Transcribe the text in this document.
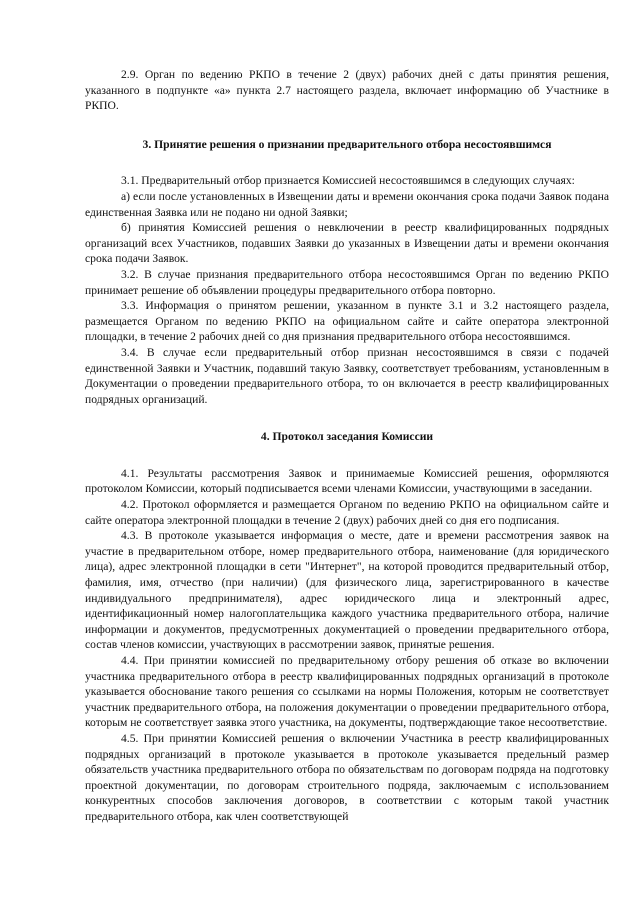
2.9. Орган по ведению РКПО в течение 2 (двух) рабочих дней с даты принятия решения, указанного в подпункте «а» пункта 2.7 настоящего раздела, включает информацию об Участнике в РКПО.

3. Принятие решения о признании предварительного отбора несостоявшимся

3.1. Предварительный отбор признается Комиссией несостоявшимся в следующих случаях:

а) если после установленных в Извещении даты и времени окончания срока подачи Заявок подана единственная Заявка или не подано ни одной Заявки;

б) принятия Комиссией решения о невключении в реестр квалифицированных подрядных организаций всех Участников, подавших Заявки до указанных в Извещении даты и времени окончания срока подачи Заявок.

3.2. В случае признания предварительного отбора несостоявшимся Орган по ведению РКПО принимает решение об объявлении процедуры предварительного отбора повторно.

3.3. Информация о принятом решении, указанном в пункте 3.1 и 3.2 настоящего раздела, размещается Органом по ведению РКПО на официальном сайте и сайте оператора электронной площадки, в течение 2 рабочих дней со дня признания предварительного отбора несостоявшимся.

3.4. В случае если предварительный отбор признан несостоявшимся в связи с подачей единственной Заявки и Участник, подавший такую Заявку, соответствует требованиям, установленным в Документации о проведении предварительного отбора, то он включается в реестр квалифицированных подрядных организаций.

4. Протокол заседания Комиссии

4.1. Результаты рассмотрения Заявок и принимаемые Комиссией решения, оформляются протоколом Комиссии, который подписывается всеми членами Комиссии, участвующими в заседании.

4.2. Протокол оформляется и размещается Органом по ведению РКПО на официальном сайте и сайте оператора электронной площадки в течение 2 (двух) рабочих дней со дня его подписания.

4.3. В протоколе указывается информация о месте, дате и времени рассмотрения заявок на участие в предварительном отборе, номер предварительного отбора, наименование (для юридического лица), адрес электронной площадки в сети "Интернет", на которой проводится предварительный отбор, фамилия, имя, отчество (при наличии) (для физического лица, зарегистрированного в качестве индивидуального предпринимателя), адрес юридического лица и электронный адрес, идентификационный номер налогоплательщика каждого участника предварительного отбора, наличие информации и документов, предусмотренных документацией о проведении предварительного отбора, состав членов комиссии, участвующих в рассмотрении заявок, принятые решения.

4.4. При принятии комиссией по предварительному отбору решения об отказе во включении участника предварительного отбора в реестр квалифицированных подрядных организаций в протоколе указывается обоснование такого решения со ссылками на нормы Положения, которым не соответствует участник предварительного отбора, на положения документации о проведении предварительного отбора, которым не соответствует заявка этого участника, на документы, подтверждающие такое несоответствие.

4.5. При принятии Комиссией решения о включении Участника в реестр квалифицированных подрядных организаций в протоколе указывается в протоколе указывается предельный размер обязательств участника предварительного отбора по обязательствам по договорам подряда на подготовку проектной документации, по договорам строительного подряда, заключаемым с использованием конкурентных способов заключения договоров, в соответствии с которым такой участник предварительного отбора, как член соответствующей
